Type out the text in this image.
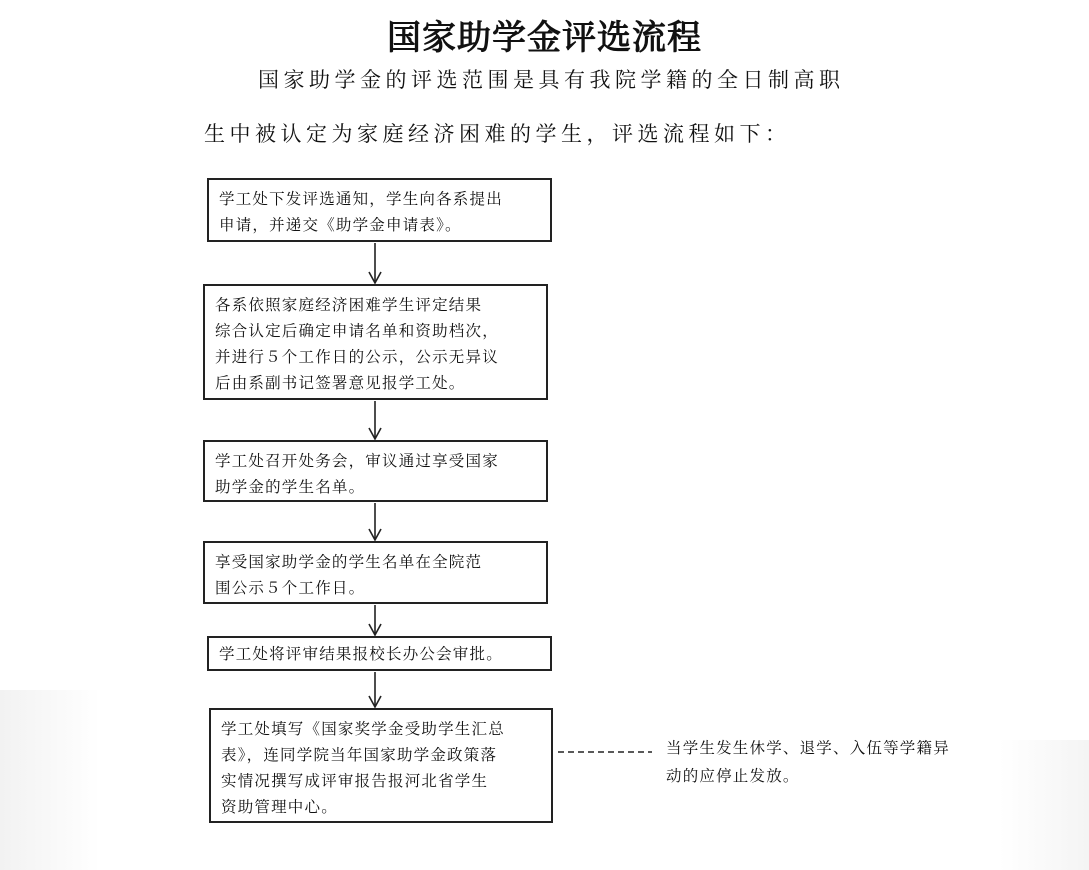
国家助学金评选流程
国家助学金的评选范围是具有我院学籍的全日制高职
生中被认定为家庭经济困难的学生，评选流程如下：
学工处下发评选通知，学生向各系提出
申请，并递交《助学金申请表》。
各系依照家庭经济困难学生评定结果
综合认定后确定申请名单和资助档次，
并进行５个工作日的公示，公示无异议
后由系副书记签署意见报学工处。
学工处召开处务会，审议通过享受国家
助学金的学生名单。
享受国家助学金的学生名单在全院范
围公示５个工作日。
学工处将评审结果报校长办公会审批。
学工处填写《国家奖学金受助学生汇总
表》，连同学院当年国家助学金政策落
实情况撰写成评审报告报河北省学生
资助管理中心。
当学生发生休学、退学、入伍等学籍异
动的应停止发放。
